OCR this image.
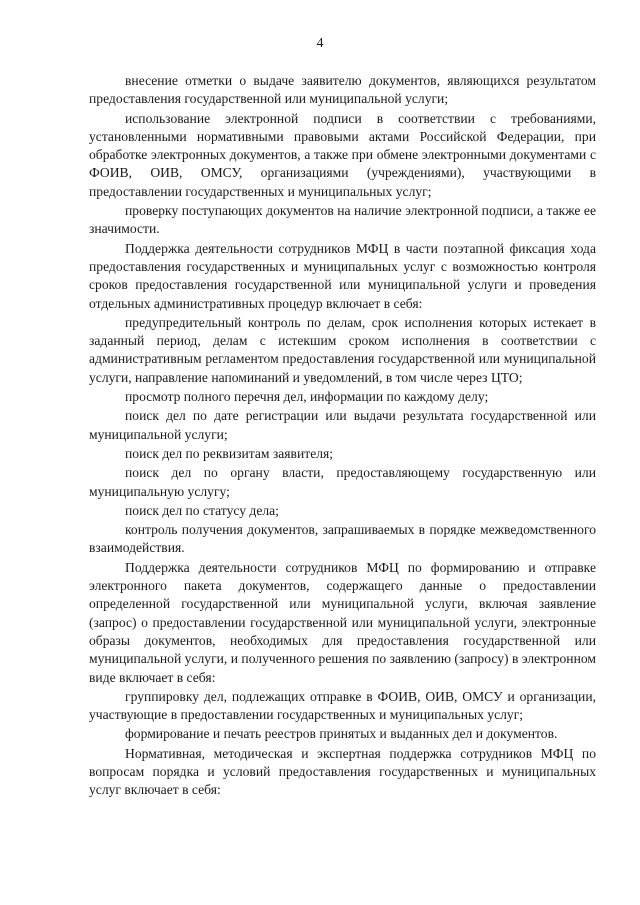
4

внесение отметки о выдаче заявителю документов, являющихся результатом предоставления государственной или муниципальной услуги;

использование электронной подписи в соответствии с требованиями, установленными нормативными правовыми актами Российской Федерации, при обработке электронных документов, а также при обмене электронными документами с ФОИВ, ОИВ, ОМСУ, организациями (учреждениями), участвующими в предоставлении государственных и муниципальных услуг;

проверку поступающих документов на наличие электронной подписи, а также ее значимости.

Поддержка деятельности сотрудников МФЦ в части поэтапной фиксация хода предоставления государственных и муниципальных услуг с возможностью контроля сроков предоставления государственной или муниципальной услуги и проведения отдельных административных процедур включает в себя:

предупредительный контроль по делам, срок исполнения которых истекает в заданный период, делам с истекшим сроком исполнения в соответствии с административным регламентом предоставления государственной или муниципальной услуги, направление напоминаний и уведомлений, в том числе через ЦТО;

просмотр полного перечня дел, информации по каждому делу;

поиск дел по дате регистрации или выдачи результата государственной или муниципальной услуги;

поиск дел по реквизитам заявителя;

поиск дел по органу власти, предоставляющему государственную или муниципальную услугу;

поиск дел по статусу дела;

контроль получения документов, запрашиваемых в порядке межведомственного взаимодействия.

Поддержка деятельности сотрудников МФЦ по формированию и отправке электронного пакета документов, содержащего данные о предоставлении определенной государственной или муниципальной услуги, включая заявление (запрос) о предоставлении государственной или муниципальной услуги, электронные образы документов, необходимых для предоставления государственной или муниципальной услуги, и полученного решения по заявлению (запросу) в электронном виде включает в себя:

группировку дел, подлежащих отправке в ФОИВ, ОИВ, ОМСУ и организации, участвующие в предоставлении государственных и муниципальных услуг;

формирование и печать реестров принятых и выданных дел и документов.

Нормативная, методическая и экспертная поддержка сотрудников МФЦ по вопросам порядка и условий предоставления государственных и муниципальных услуг включает в себя:
